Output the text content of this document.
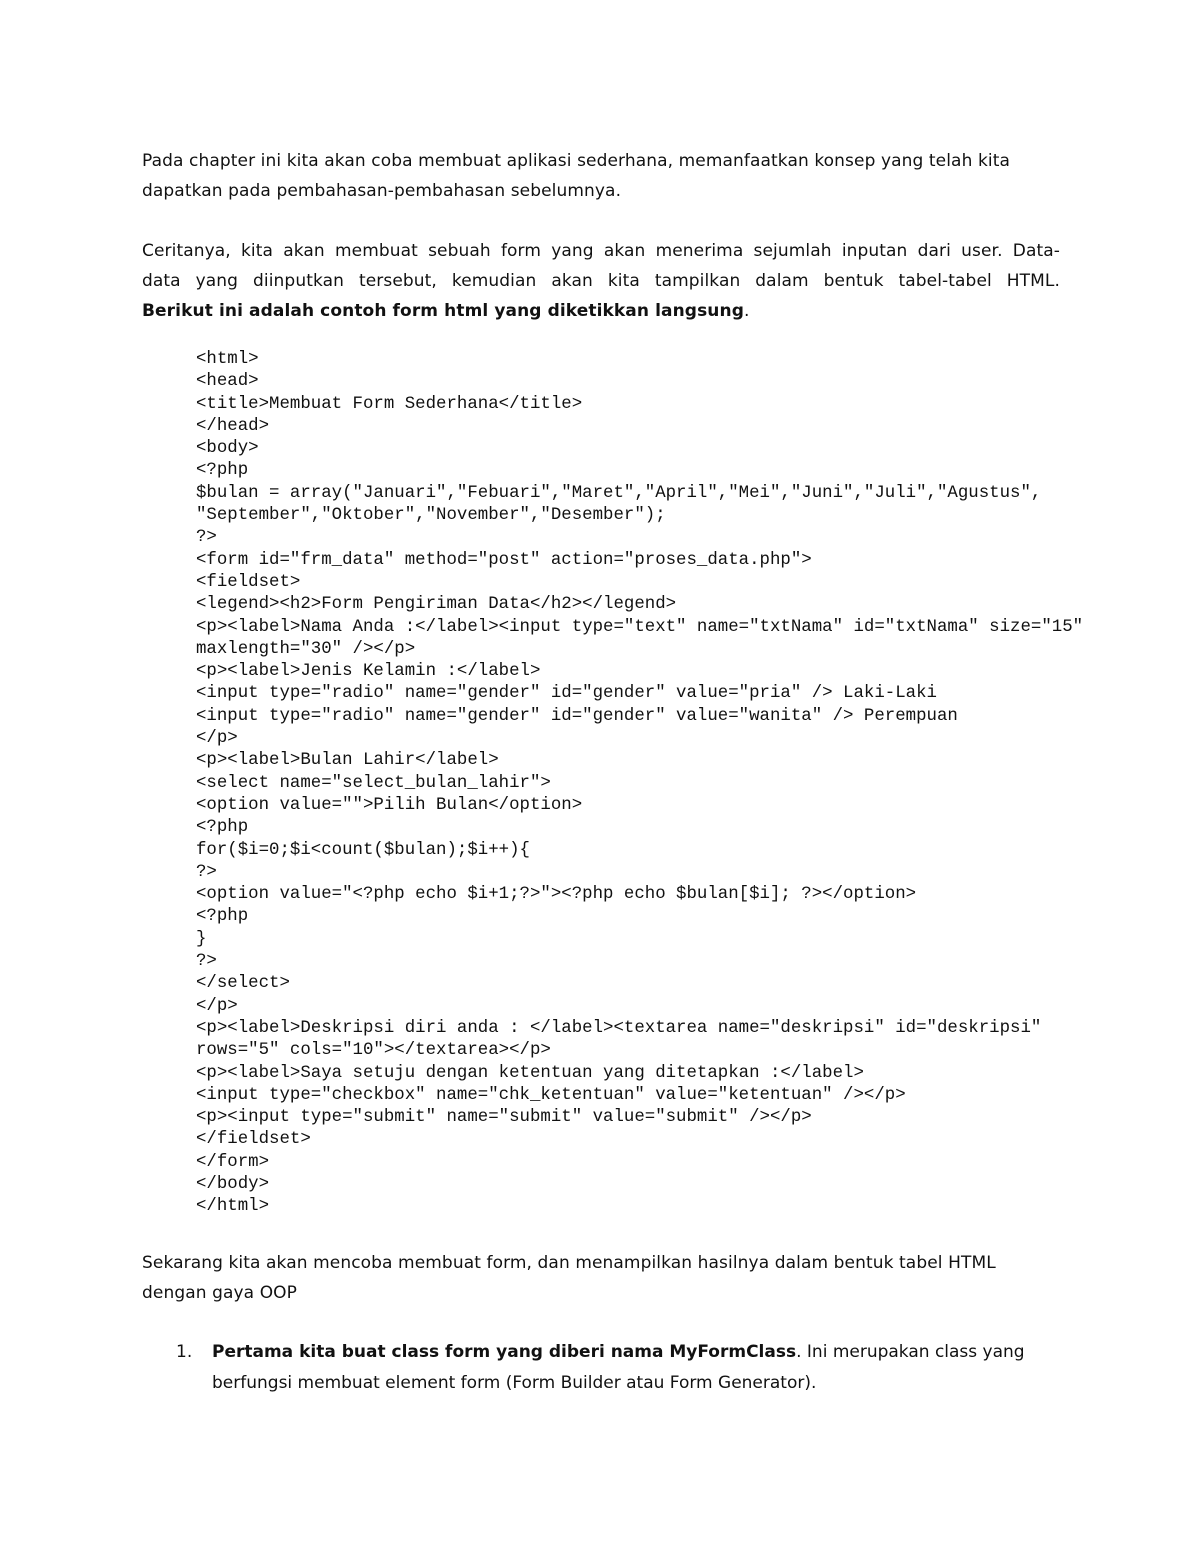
Pada chapter ini kita akan coba membuat aplikasi sederhana, memanfaatkan konsep yang telah kita
dapatkan pada pembahasan-pembahasan sebelumnya.

Ceritanya, kita akan membuat sebuah form yang akan menerima sejumlah inputan dari user. Data-
data yang diinputkan tersebut, kemudian akan kita tampilkan dalam bentuk tabel-tabel HTML.
Berikut ini adalah contoh form html yang diketikkan langsung.

<html>
<head>
<title>Membuat Form Sederhana</title>
</head>
<body>
<?php
$bulan = array("Januari","Febuari","Maret","April","Mei","Juni","Juli","Agustus",
"September","Oktober","November","Desember");
?>
<form id="frm_data" method="post" action="proses_data.php">
<fieldset>
<legend><h2>Form Pengiriman Data</h2></legend>
<p><label>Nama Anda :</label><input type="text" name="txtNama" id="txtNama" size="15"
maxlength="30" /></p>
<p><label>Jenis Kelamin :</label>
<input type="radio" name="gender" id="gender" value="pria" /> Laki-Laki
<input type="radio" name="gender" id="gender" value="wanita" /> Perempuan
</p>
<p><label>Bulan Lahir</label>
<select name="select_bulan_lahir">
<option value="">Pilih Bulan</option>
<?php
for($i=0;$i<count($bulan);$i++){
?>
<option value="<?php echo $i+1;?>"><?php echo $bulan[$i]; ?></option>
<?php
}
?>
</select>
</p>
<p><label>Deskripsi diri anda : </label><textarea name="deskripsi" id="deskripsi"
rows="5" cols="10"></textarea></p>
<p><label>Saya setuju dengan ketentuan yang ditetapkan :</label>
<input type="checkbox" name="chk_ketentuan" value="ketentuan" /></p>
<p><input type="submit" name="submit" value="submit" /></p>
</fieldset>
</form>
</body>
</html>

Sekarang kita akan mencoba membuat form, dan menampilkan hasilnya dalam bentuk tabel HTML
dengan gaya OOP

1. Pertama kita buat class form yang diberi nama MyFormClass. Ini merupakan class yang
berfungsi membuat element form (Form Builder atau Form Generator).
